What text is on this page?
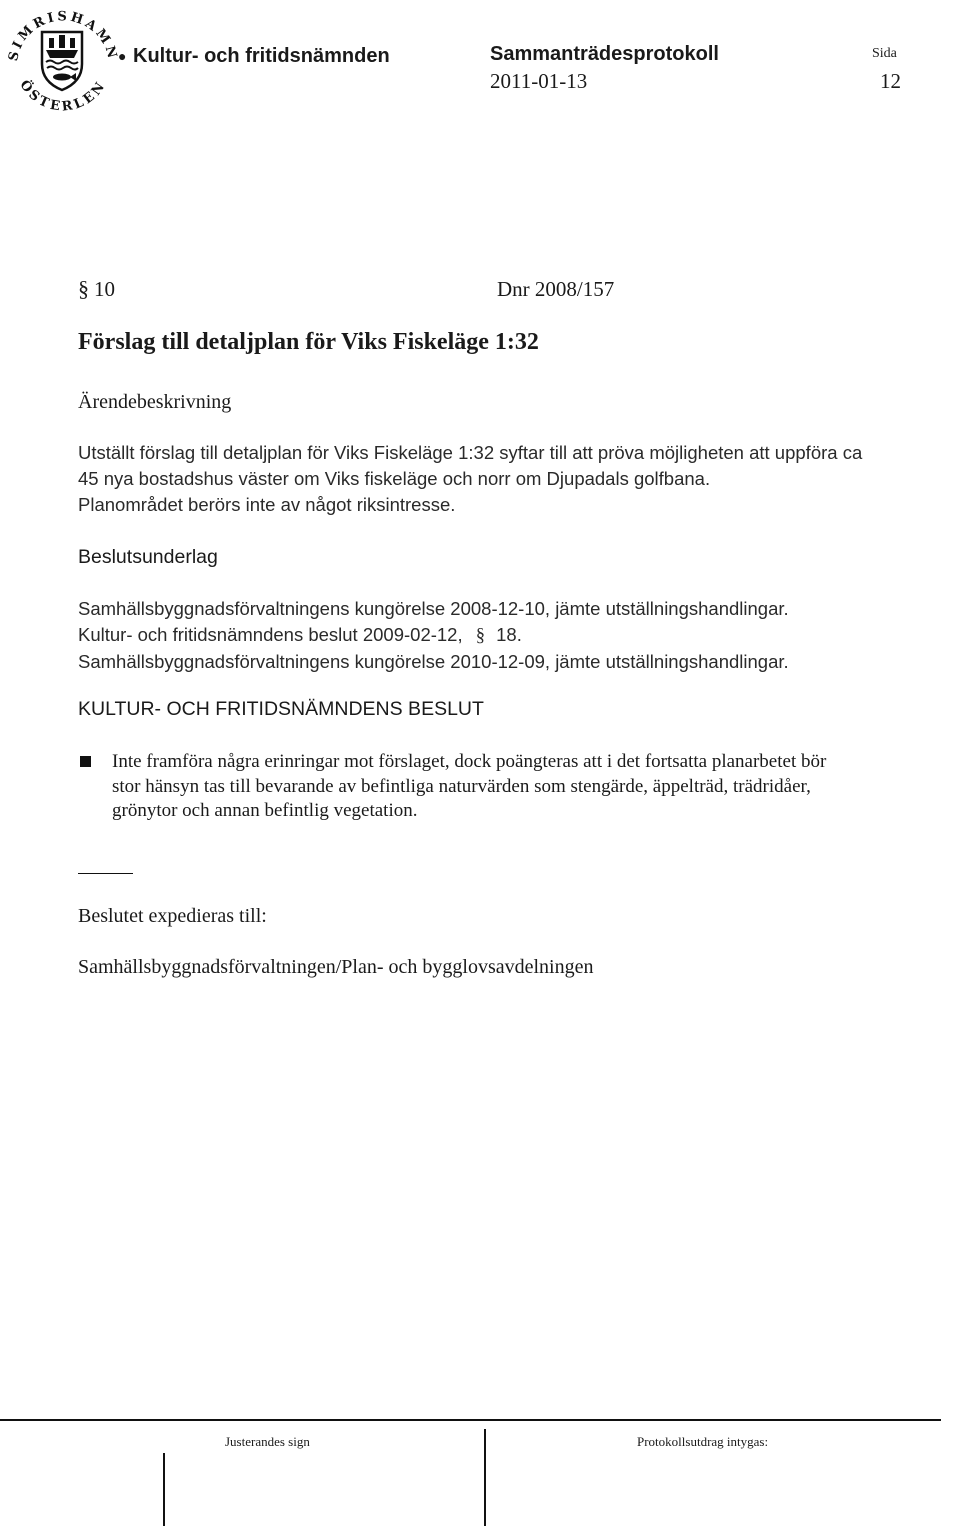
SIMRISHAMN
ÖSTERLEN
● Kultur- och fritidsnämnden	Sammanträdesprotokoll	Sida
2011-01-13	12
§ 10	Dnr 2008/157
Förslag till detaljplan för Viks Fiskeläge 1:32
Ärendebeskrivning
Utställt förslag till detaljplan för Viks Fiskeläge 1:32 syftar till att pröva möjligheten att uppföra ca
45 nya bostadshus väster om Viks fiskeläge och norr om Djupadals golfbana.
Planområdet berörs inte av något riksintresse.
Beslutsunderlag
Samhällsbyggnadsförvaltningens kungörelse 2008-12-10, jämte utställningshandlingar.
Kultur- och fritidsnämndens beslut 2009-02-12, § 18.
Samhällsbyggnadsförvaltningens kungörelse 2010-12-09, jämte utställningshandlingar.
KULTUR- OCH FRITIDSNÄMNDENS BESLUT
Inte framföra några erinringar mot förslaget, dock poängteras att i det fortsatta planarbetet bör
stor hänsyn tas till bevarande av befintliga naturvärden som stengärde, äppelträd, trädridåer,
grönytor och annan befintlig vegetation.
Beslutet expedieras till:
Samhällsbyggnadsförvaltningen/Plan- och bygglovsavdelningen
Justerandes sign	Protokollsutdrag intygas:
